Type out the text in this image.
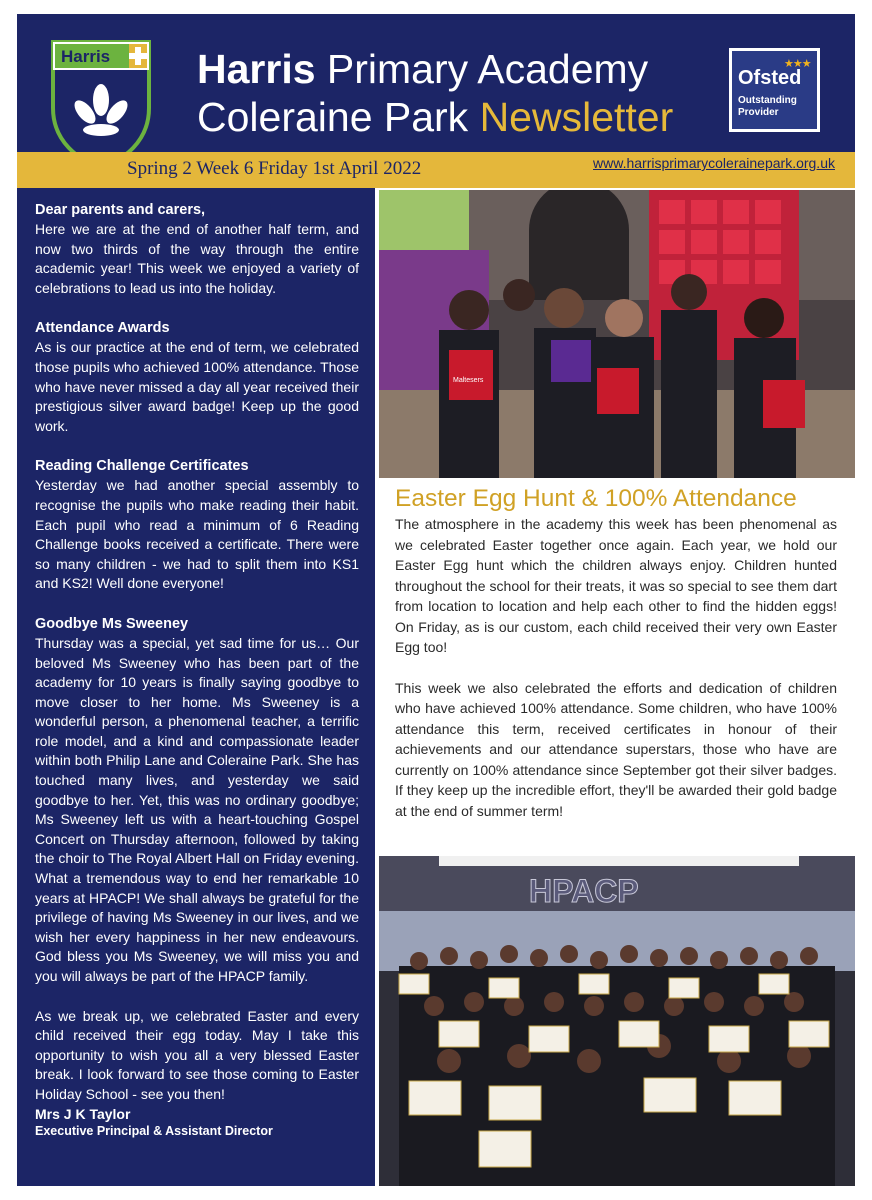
Harris Harris Primary Academy
Coleraine Park Newsletter
★★★
Ofsted
Outstanding Provider
Spring 2 Week 6 Friday 1st April 2022	www.harrisprimarycolerainepark.org.uk
Dear parents and carers,

Here we are at the end of another half term, and now two thirds of the way through the entire academic year! This week we enjoyed a variety of celebrations to lead us into the holiday.

Attendance Awards

As is our practice at the end of term, we celebrated those pupils who achieved 100% attendance. Those who have never missed a day all year received their prestigious silver award badge! Keep up the good work.

Reading Challenge Certificates

Yesterday we had another special assembly to recognise the pupils who make reading their habit. Each pupil who read a minimum of 6 Reading Challenge books received a certificate. There were so many children - we had to split them into KS1 and KS2! Well done everyone!

Goodbye Ms Sweeney

Thursday was a special, yet sad time for us… Our beloved Ms Sweeney who has been part of the academy for 10 years is finally saying goodbye to move closer to her home. Ms Sweeney is a wonderful person, a phenomenal teacher, a terrific role model, and a kind and compassionate leader within both Philip Lane and Coleraine Park. She has touched many lives, and yesterday we said goodbye to her. Yet, this was no ordinary goodbye; Ms Sweeney left us with a heart-touching Gospel Concert on Thursday afternoon, followed by taking the choir to The Royal Albert Hall on Friday evening. What a tremendous way to end her remarkable 10 years at HPACP! We shall always be grateful for the privilege of having Ms Sweeney in our lives, and we wish her every happiness in her new endeavours. God bless you Ms Sweeney, we will miss you and you will always be part of the HPACP family.

As we break up, we celebrated Easter and every child received their egg today. May I take this opportunity to wish you all a very blessed Easter break. I look forward to see those coming to Easter Holiday School - see you then!

Mrs J K Taylor
Executive Principal & Assistant Director
Maltesers
Easter Egg Hunt & 100% Attendance

The atmosphere in the academy this week has been phenomenal as we celebrated Easter together once again. Each year, we hold our Easter Egg hunt which the children always enjoy. Children hunted throughout the school for their treats, it was so special to see them dart from location to location and help each other to find the hidden eggs! On Friday, as is our custom, each child received their very own Easter Egg too!

This week we also celebrated the efforts and dedication of children who have achieved 100% attendance. Some children, who have 100% attendance this term, received certificates in honour of their achievements and our attendance superstars, those who have are currently on 100% attendance since September got their silver badges. If they keep up the incredible effort, they'll be awarded their gold badge at the end of summer term!

HPACP
